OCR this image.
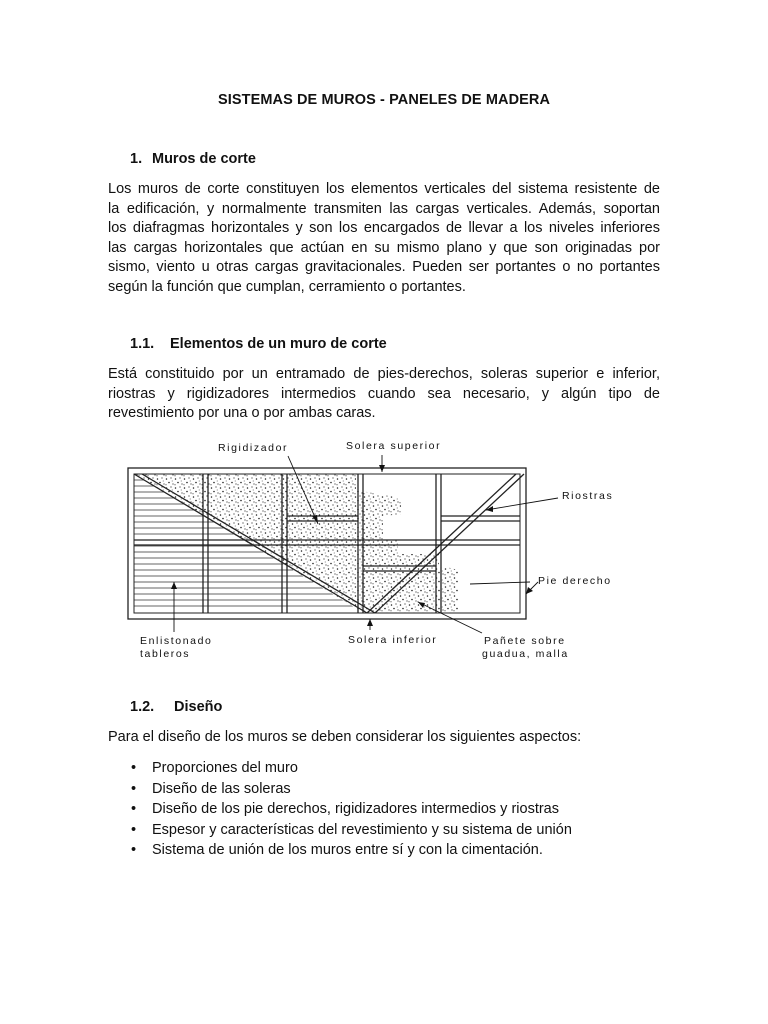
SISTEMAS DE MUROS - PANELES DE MADERA
1. Muros de corte
Los muros de corte constituyen los elementos verticales del sistema resistente de
la edificación, y normalmente transmiten las cargas verticales. Además, soportan
los diafragmas horizontales y son los encargados de llevar a los niveles inferiores
las cargas horizontales que actúan en su mismo plano y que son originadas por
sismo, viento u otras cargas gravitacionales. Pueden ser portantes o no portantes
según la función que cumplan, cerramiento o portantes.
1.1. Elementos de un muro de corte
Está constituido por un entramado de pies-derechos, soleras superior e inferior,
riostras y rigidizadores intermedios cuando sea necesario, y algún tipo de
revestimiento por una o por ambas caras.
Rigidizador	Solera superior
Riostras
Pie derecho
Enlistonado
tableros
Solera inferior	Pañete sobre
guadua, malla
1.2. Diseño
Para el diseño de los muros se deben considerar los siguientes aspectos:
• Proporciones del muro
• Diseño de las soleras
• Diseño de los pie derechos, rigidizadores intermedios y riostras
• Espesor y características del revestimiento y su sistema de unión
• Sistema de unión de los muros entre sí y con la cimentación.
